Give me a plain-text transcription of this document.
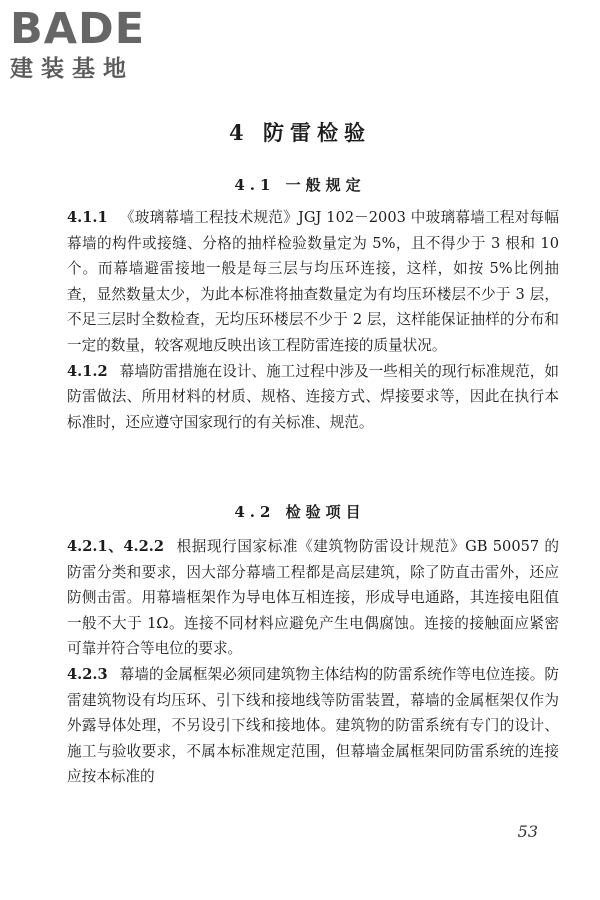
BADE
建装基地
4 防雷检验
4.1 一般规定

4.1.1 《玻璃幕墙工程技术规范》JGJ 102－2003 中玻璃幕墙工程对每幅幕墙的构件或接缝、分格的抽样检验数量定为 5%，且不得少于 3 根和 10 个。而幕墙避雷接地一般是每三层与均压环连接，这样，如按 5%比例抽查，显然数量太少，为此本标准将抽查数量定为有均压环楼层不少于 3 层，不足三层时全数检查，无均压环楼层不少于 2 层，这样能保证抽样的分布和一定的数量，较客观地反映出该工程防雷连接的质量状况。

4.1.2 幕墙防雷措施在设计、施工过程中涉及一些相关的现行标准规范，如防雷做法、所用材料的材质、规格、连接方式、焊接要求等，因此在执行本标准时，还应遵守国家现行的有关标准、规范。

4.2 检验项目

4.2.1、4.2.2 根据现行国家标准《建筑物防雷设计规范》GB 50057 的防雷分类和要求，因大部分幕墙工程都是高层建筑，除了防直击雷外，还应防侧击雷。用幕墙框架作为导电体互相连接，形成导电通路，其连接电阻值一般不大于 1Ω。连接不同材料应避免产生电偶腐蚀。连接的接触面应紧密可靠并符合等电位的要求。

4.2.3 幕墙的金属框架必须同建筑物主体结构的防雷系统作等电位连接。防雷建筑物设有均压环、引下线和接地线等防雷装置，幕墙的金属框架仅作为外露导体处理，不另设引下线和接地体。建筑物的防雷系统有专门的设计、施工与验收要求，不属本标准规定范围，但幕墙金属框架同防雷系统的连接应按本标准的

53
